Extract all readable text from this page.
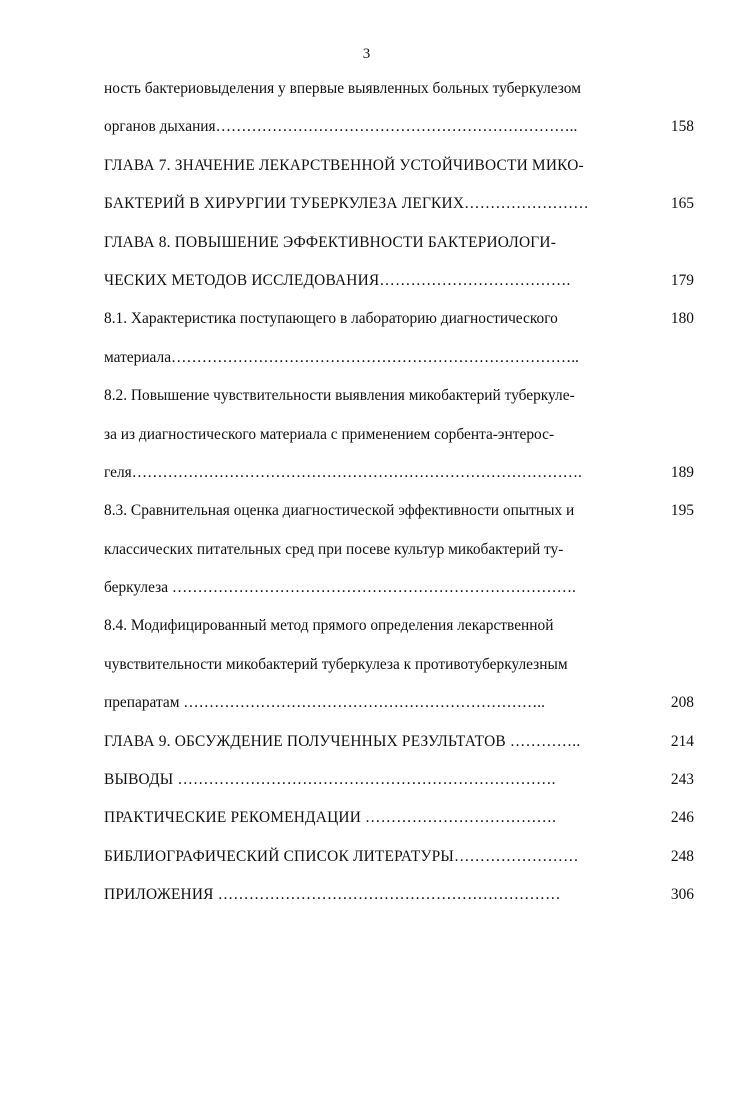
3
ность бактериовыделения у впервые выявленных больных туберкулезом
органов дыхания……………………………………………………………..	158
ГЛАВА 7. ЗНАЧЕНИЕ ЛЕКАРСТВЕННОЙ УСТОЙЧИВОСТИ МИКО-
БАКТЕРИЙ В ХИРУРГИИ ТУБЕРКУЛЕЗА ЛЕГКИХ……………………	165
ГЛАВА 8. ПОВЫШЕНИЕ ЭФФЕКТИВНОСТИ БАКТЕРИОЛОГИ-
ЧЕСКИХ МЕТОДОВ ИССЛЕДОВАНИЯ……………………………….	179
8.1. Характеристика поступающего в лабораторию диагностического	180
материала……………………………………………………………………..
8.2. Повышение чувствительности выявления микобактерий туберкуле-
за из диагностического материала с применением сорбента-энтерос-
геля…………………………………………………………………………….	189
8.3. Сравнительная оценка диагностической эффективности опытных и	195
классических питательных сред при посеве культур микобактерий ту-
беркулеза …………………………………………………………………….
8.4. Модифицированный метод прямого определения лекарственной
чувствительности микобактерий туберкулеза к противотуберкулезным
препаратам ……………………………………………………………..	208
ГЛАВА 9. ОБСУЖДЕНИЕ ПОЛУЧЕННЫХ РЕЗУЛЬТАТОВ …………..	214
ВЫВОДЫ ……………………………………………………………….	243
ПРАКТИЧЕСКИЕ РЕКОМЕНДАЦИИ ……………………………….	246
БИБЛИОГРАФИЧЕСКИЙ СПИСОК ЛИТЕРАТУРЫ……………………	248
ПРИЛОЖЕНИЯ …………………………………………………………	306
